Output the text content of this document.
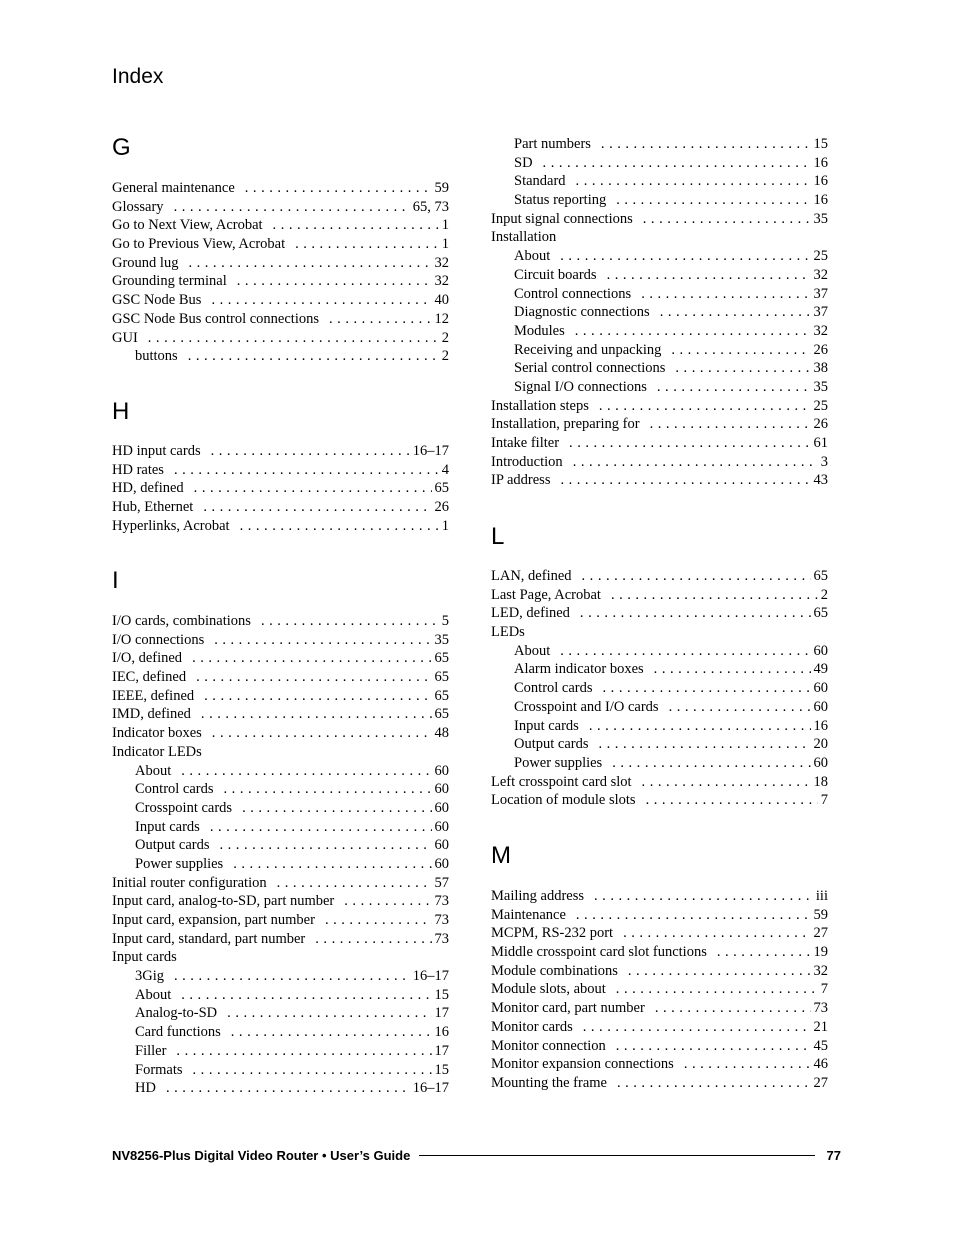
Index
G
General maintenance . . .	59
Glossary . . .	65, 73
Go to Next View, Acrobat . . .	1
Go to Previous View, Acrobat . . .	1
Ground lug . . .	32
Grounding terminal . . .	32
GSC Node Bus . . .	40
GSC Node Bus control connections . . .	12
GUI . . .	2
buttons . . .	2
H
HD input cards . . .	16–17
HD rates . . .	4
HD, defined . . .	65
Hub, Ethernet . . .	26
Hyperlinks, Acrobat . . .	1
I
I/O cards, combinations . . .	5
I/O connections . . .	35
I/O, defined . . .	65
IEC, defined . . .	65
IEEE, defined . . .	65
IMD, defined . . .	65
Indicator boxes . . .	48
Indicator LEDs
About . . .	60
Control cards . . .	60
Crosspoint cards . . .	60
Input cards . . .	60
Output cards . . .	60
Power supplies . . .	60
Initial router configuration . . .	57
Input card, analog-to-SD, part number . . .	73
Input card, expansion, part number . . .	73
Input card, standard, part number . . .	73
Input cards
3Gig . . .	16–17
About . . .	15
Analog-to-SD . . .	17
Card functions . . .	16
Filler . . .	17
Formats . . .	15
HD . . .	16–17
Part numbers . . .	15
SD . . .	16
Standard . . .	16
Status reporting . . .	16
Input signal connections . . .	35
Installation
About . . .	25
Circuit boards . . .	32
Control connections . . .	37
Diagnostic connections . . .	37
Modules . . .	32
Receiving and unpacking . . .	26
Serial control connections . . .	38
Signal I/O connections . . .	35
Installation steps . . .	25
Installation, preparing for . . .	26
Intake filter . . .	61
Introduction . . .	3
IP address . . .	43
L
LAN, defined . . .	65
Last Page, Acrobat . . .	2
LED, defined . . .	65
LEDs
About . . .	60
Alarm indicator boxes . . .	49
Control cards . . .	60
Crosspoint and I/O cards . . .	60
Input cards . . .	16
Output cards . . .	20
Power supplies . . .	60
Left crosspoint card slot . . .	18
Location of module slots . . .	7
M
Mailing address . . .	iii
Maintenance . . .	59
MCPM, RS-232 port . . .	27
Middle crosspoint card slot functions . . .	19
Module combinations . . .	32
Module slots, about . . .	7
Monitor card, part number . . .	73
Monitor cards . . .	21
Monitor connection . . .	45
Monitor expansion connections . . .	46
Mounting the frame . . .	27
NV8256-Plus Digital Video Router • User’s Guide	77
